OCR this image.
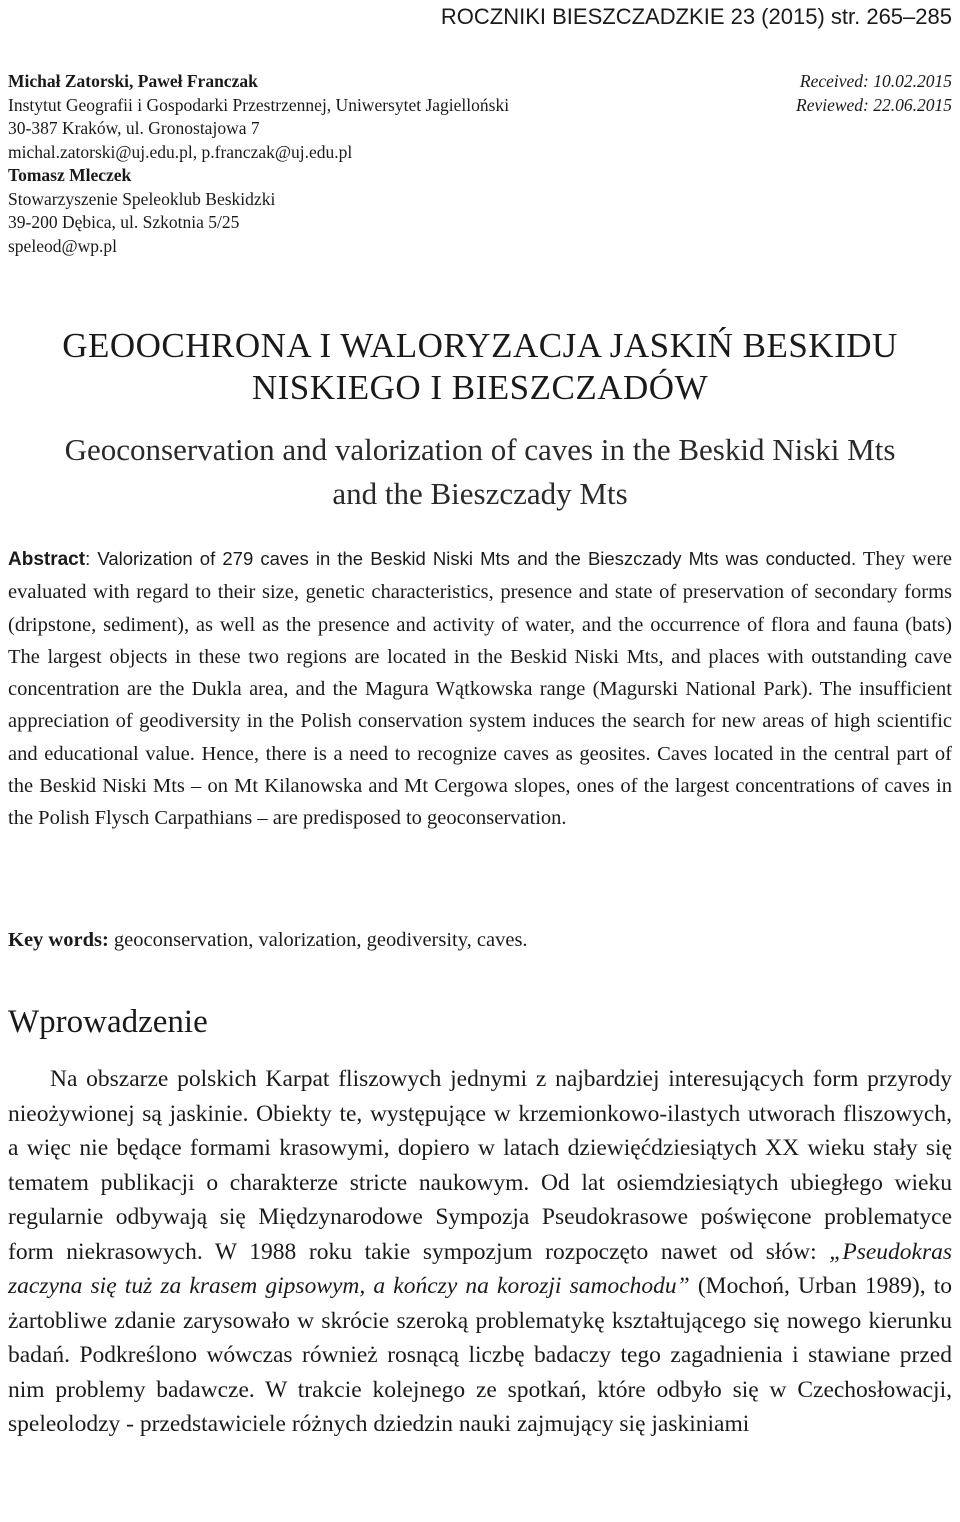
ROCZNIKI BIESZCZADZKIE 23 (2015) str. 265–285
Michał Zatorski, Paweł Franczak
Instytut Geografii i Gospodarki Przestrzennej, Uniwersytet Jagielloński
30-387 Kraków, ul. Gronostajowa 7
michal.zatorski@uj.edu.pl, p.franczak@uj.edu.pl
Tomasz Mleczek
Stowarzyszenie Speleoklub Beskidzki
39-200 Dębica, ul. Szkotnia 5/25
speleod@wp.pl
Received: 10.02.2015
Reviewed: 22.06.2015
GEOOCHRONA I WALORYZACJA JASKIŃ BESKIDU
NISKIEGO I BIESZCZADÓW
Geoconservation and valorization of caves in the Beskid Niski Mts
and the Bieszczady Mts
Abstract: Valorization of 279 caves in the Beskid Niski Mts and the Bieszczady Mts was conducted. They were evaluated with regard to their size, genetic characteristics, presence and state of preservation of secondary forms (dripstone, sediment), as well as the presence and activity of water, and the occurrence of flora and fauna (bats) The largest objects in these two regions are located in the Beskid Niski Mts, and places with outstanding cave concentration are the Dukla area, and the Magura Wątkowska range (Magurski National Park). The insufficient appreciation of geodiversity in the Polish conservation system induces the search for new areas of high scientific and educational value. Hence, there is a need to recognize caves as geosites. Caves located in the central part of the Beskid Niski Mts – on Mt Kilanowska and Mt Cergowa slopes, ones of the largest concentrations of caves in the Polish Flysch Carpathians – are predisposed to geoconservation.
Key words: geoconservation, valorization, geodiversity, caves.
Wprowadzenie

Na obszarze polskich Karpat fliszowych jednymi z najbardziej interesujących form przyrody nieożywionej są jaskinie. Obiekty te, występujące w krzemionkowo-ilastych utworach fliszowych, a więc nie będące formami krasowymi, dopiero w latach dziewięćdziesiątych XX wieku stały się tematem publikacji o charakterze stricte naukowym. Od lat osiemdziesiątych ubiegłego wieku regularnie odbywają się Międzynarodowe Sympozja Pseudokrasowe poświęcone problematyce form niekrasowych. W 1988 roku takie sympozjum rozpoczęto nawet od słów: „Pseudokras zaczyna się tuż za krasem gipsowym, a kończy na korozji samochodu” (Mochoń, Urban 1989), to żartobliwe zdanie zarysowało w skrócie szeroką problematykę kształtującego się nowego kierunku badań. Podkreślono wówczas również rosnącą liczbę badaczy tego zagadnienia i stawiane przed nim problemy badawcze. W trakcie kolejnego ze spotkań, które odbyło się w Czechosłowacji, speleolodzy - przedstawiciele różnych dziedzin nauki zajmujący się jaskiniami
